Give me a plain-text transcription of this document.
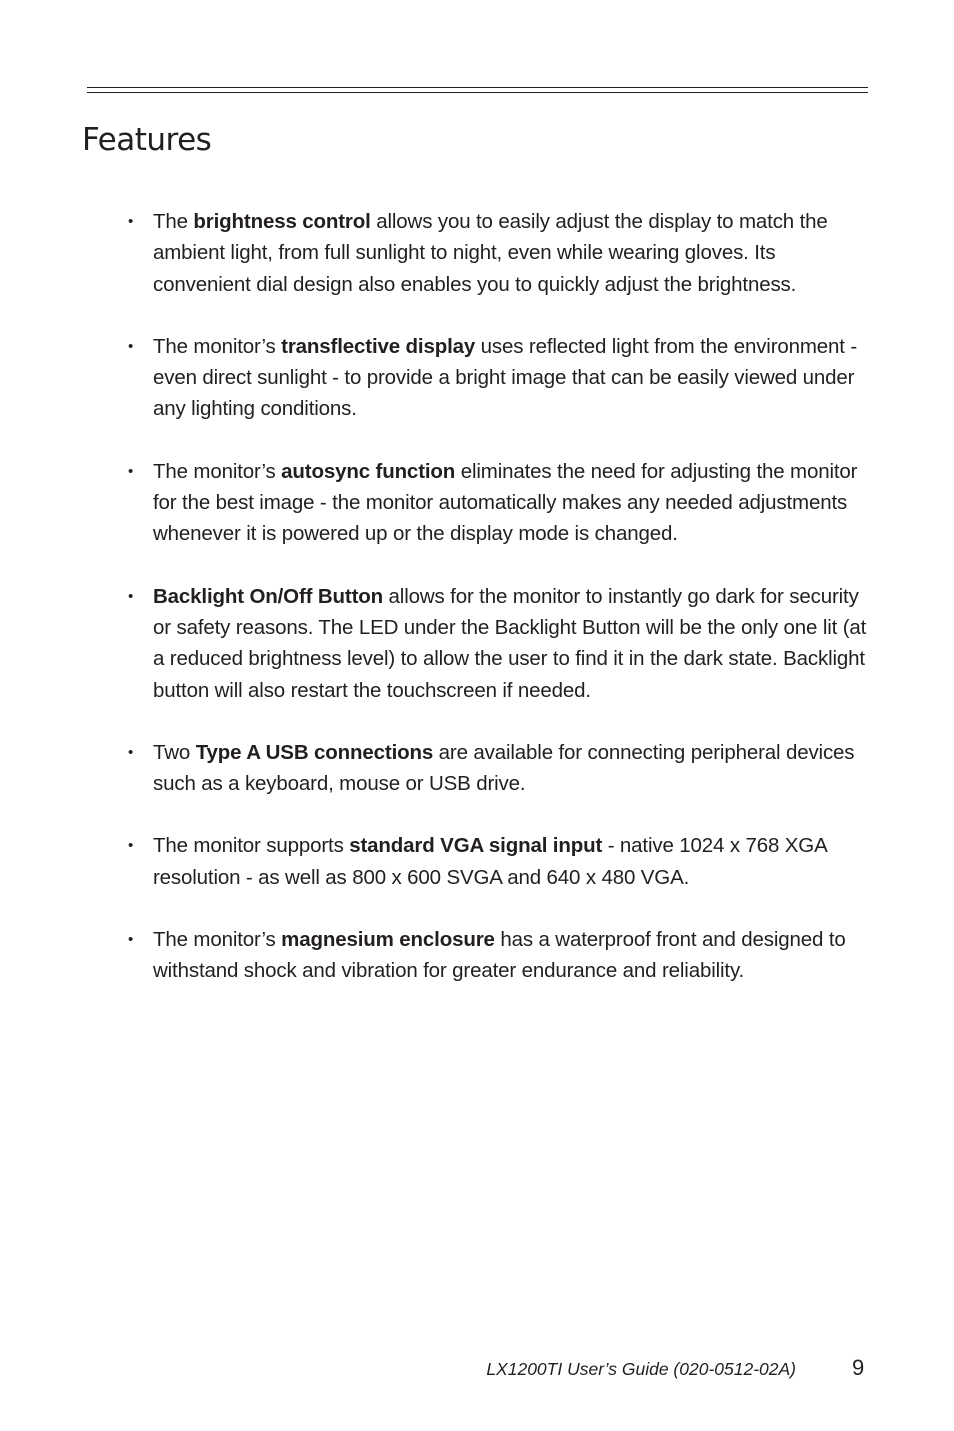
Features
• The brightness control allows you to easily adjust the display to match the ambient light, from full sunlight to night, even while wearing gloves. Its convenient dial design also enables you to quickly adjust the brightness.
• The monitor’s transflective display uses reflected light from the environment - even direct sunlight - to provide a bright image that can be easily viewed under any lighting conditions.
• The monitor’s autosync function eliminates the need for adjusting the monitor for the best image - the monitor automatically makes any needed adjustments whenever it is powered up or the display mode is changed.
• Backlight On/Off Button allows for the monitor to instantly go dark for security or safety reasons. The LED under the Backlight Button will be the only one lit (at a reduced brightness level) to allow the user to find it in the dark state. Backlight button will also restart the touchscreen if needed.
• Two Type A USB connections are available for connecting peripheral devices such as a keyboard, mouse or USB drive.
• The monitor supports standard VGA signal input - native 1024 x 768 XGA resolution - as well as 800 x 600 SVGA and 640 x 480 VGA.
• The monitor’s magnesium enclosure has a waterproof front and designed to withstand shock and vibration for greater endurance and reliability.
LX1200TI User’s Guide (020-0512-02A)	9
